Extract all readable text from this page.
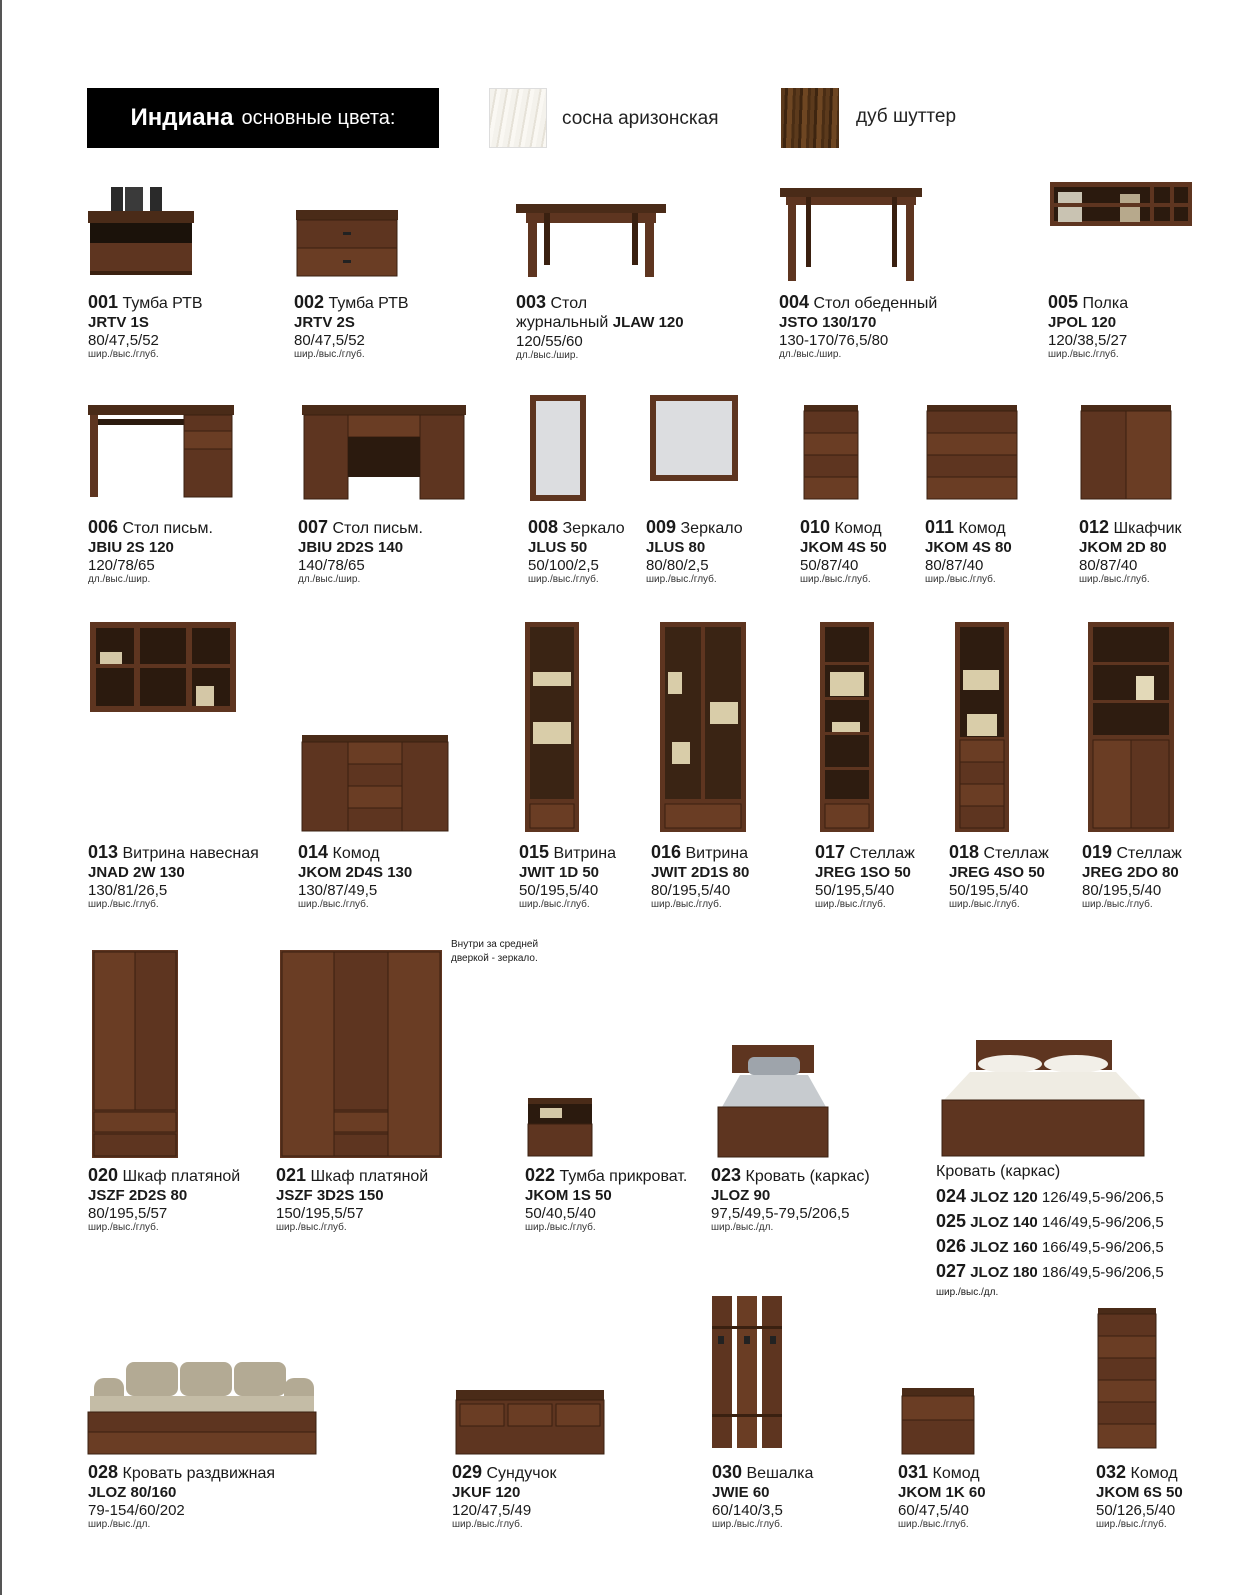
Индиана основные цвета:	сосна аризонская	дуб шуттер
001 Тумба РТВ
JRTV 1S
80/47,5/52
шир./выс./глуб.
002 Тумба РТВ
JRTV 2S
80/47,5/52
шир./выс./глуб.
003 Стол
журнальный JLAW 120
120/55/60
дл./выс./шир.
004 Стол обеденный
JSTO 130/170
130-170/76,5/80
дл./выс./шир.
005 Полка
JPOL 120
120/38,5/27
шир./выс./глуб.
006 Стол письм.
JBIU 2S 120
120/78/65
дл./выс./шир.
007 Стол письм.
JBIU 2D2S 140
140/78/65
дл./выс./шир.
008 Зеркало
JLUS 50
50/100/2,5
шир./выс./глуб.
009 Зеркало
JLUS 80
80/80/2,5
шир./выс./глуб.
010 Комод
JKOM 4S 50
50/87/40
шир./выс./глуб.
011 Комод
JKOM 4S 80
80/87/40
шир./выс./глуб.
012 Шкафчик
JKOM 2D 80
80/87/40
шир./выс./глуб.
013 Витрина навесная
JNAD 2W 130
130/81/26,5
шир./выс./глуб.
014 Комод
JKOM 2D4S 130
130/87/49,5
шир./выс./глуб.
015 Витрина
JWIT 1D 50
50/195,5/40
шир./выс./глуб.
016 Витрина
JWIT 2D1S 80
80/195,5/40
шир./выс./глуб.
017 Стеллаж
JREG 1SO 50
50/195,5/40
шир./выс./глуб.
018 Стеллаж
JREG 4SO 50
50/195,5/40
шир./выс./глуб.
019 Стеллаж
JREG 2DO 80
80/195,5/40
шир./выс./глуб.
Внутри за средней
дверкой - зеркало.
020 Шкаф платяной
JSZF 2D2S 80
80/195,5/57
шир./выс./глуб.
021 Шкаф платяной
JSZF 3D2S 150
150/195,5/57
шир./выс./глуб.
022 Тумба прикроват.
JKOM 1S 50
50/40,5/40
шир./выс./глуб.
023 Кровать (каркас)
JLOZ 90
97,5/49,5-79,5/206,5
шир./выс./дл.
Кровать (каркас)
024 JLOZ 120 126/49,5-96/206,5
025 JLOZ 140 146/49,5-96/206,5
026 JLOZ 160 166/49,5-96/206,5
027 JLOZ 180 186/49,5-96/206,5
шир./выс./дл.
028 Кровать раздвижная
JLOZ 80/160
79-154/60/202
шир./выс./дл.
029 Сундучок
JKUF 120
120/47,5/49
шир./выс./глуб.
030 Вешалка
JWIE 60
60/140/3,5
шир./выс./глуб.
031 Комод
JKOM 1K 60
60/47,5/40
шир./выс./глуб.
032 Комод
JKOM 6S 50
50/126,5/40
шир./выс./глуб.
